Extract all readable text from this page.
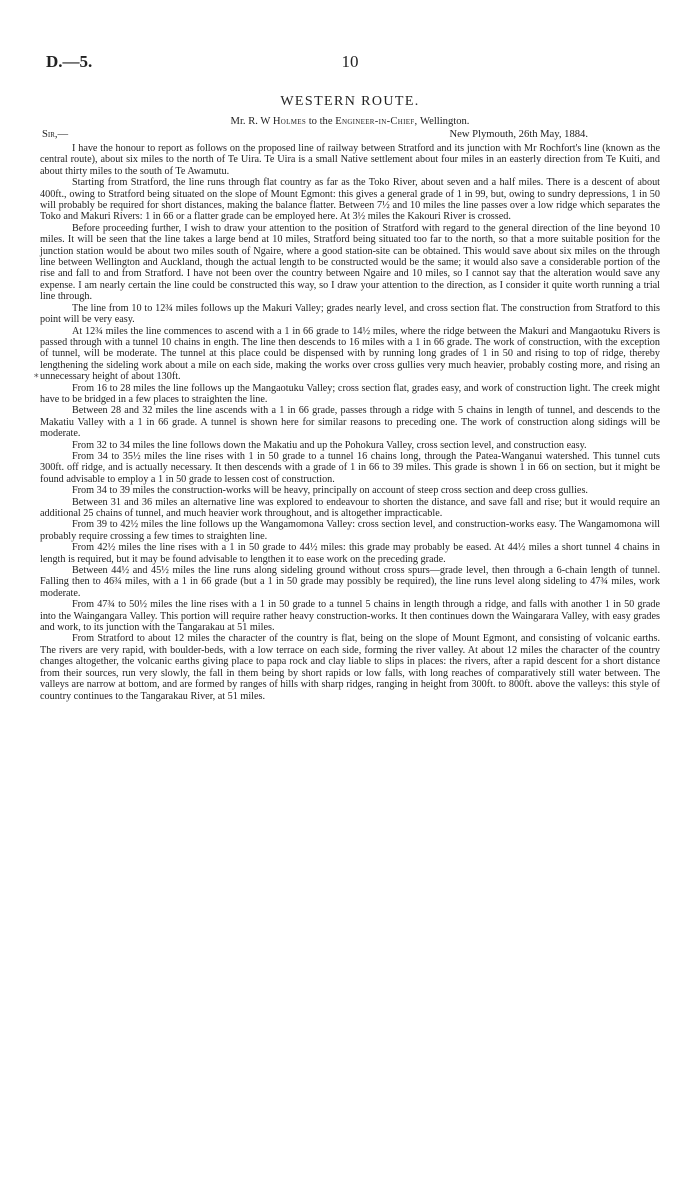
D.—5.	10
WESTERN ROUTE.

Mr. R. W Holmes to the Engineer-in-Chief, Wellington.

Sir,—	New Plymouth, 26th May, 1884.

I have the honour to report as follows on the proposed line of railway between Stratford and its junction with Mr Rochfort's line (known as the central route), about six miles to the north of Te Uira. Te Uira is a small Native settlement about four miles in an easterly direction from Te Kuiti, and about thirty miles to the south of Te Awamutu.

Starting from Stratford, the line runs through flat country as far as the Toko River, about seven and a half miles. There is a descent of about 400ft., owing to Stratford being situated on the slope of Mount Egmont: this gives a general grade of 1 in 99, but, owing to sundry depressions, 1 in 50 will probably be required for short distances, making the balance flatter. Between 7½ and 10 miles the line passes over a low ridge which separates the Toko and Makuri Rivers: 1 in 66 or a flatter grade can be employed here. At 3½ miles the Kakouri River is crossed.

Before proceeding further, I wish to draw your attention to the position of Stratford with regard to the general direction of the line beyond 10 miles. It will be seen that the line takes a large bend at 10 miles, Stratford being situated too far to the north, so that a more suitable position for the junction station would be about two miles south of Ngaire, where a good station-site can be obtained. This would save about six miles on the through line between Wellington and Auckland, though the actual length to be constructed would be the same; it would also save a considerable portion of the rise and fall to and from Stratford. I have not been over the country between Ngaire and 10 miles, so I cannot say that the alteration would save any expense. I am nearly certain the line could be constructed this way, so I draw your attention to the direction, as I consider it quite worth running a trial line through.

The line from 10 to 12¾ miles follows up the Makuri Valley; grades nearly level, and cross section flat. The construction from Stratford to this point will be very easy.

At 12¾ miles the line commences to ascend with a 1 in 66 grade to 14½ miles, where the ridge between the Makuri and Mangaotuku Rivers is passed through with a tunnel 10 chains in ength. The line then descends to 16 miles with a 1 in 66 grade. The work of construction, with the exception of tunnel, will be moderate. The tunnel at this place could be dispensed with by running long grades of 1 in 50 and rising to top of ridge, thereby lengthening the sideling work about a mile on each side, making the works over cross gullies very much heavier, probably costing more, and rising an unnecessary height of about 130ft.

From 16 to 28 miles the line follows up the Mangaotuku Valley; cross section flat, grades easy, and work of construction light. The creek might have to be bridged in a few places to straighten the line.

Between 28 and 32 miles the line ascends with a 1 in 66 grade, passes through a ridge with 5 chains in length of tunnel, and descends to the Makatiu Valley with a 1 in 66 grade. A tunnel is shown here for similar reasons to preceding one. The work of construction along sidings will be moderate.

From 32 to 34 miles the line follows down the Makatiu and up the Pohokura Valley, cross section level, and construction easy.

From 34 to 35½ miles the line rises with 1 in 50 grade to a tunnel 16 chains long, through the Patea-Wanganui watershed. This tunnel cuts 300ft. off ridge, and is actually necessary. It then descends with a grade of 1 in 66 to 39 miles. This grade is shown 1 in 66 on section, but it might be found advisable to employ a 1 in 50 grade to lessen cost of construction.

From 34 to 39 miles the construction-works will be heavy, principally on account of steep cross section and deep cross gullies.

Between 31 and 36 miles an alternative line was explored to endeavour to shorten the distance, and save fall and rise; but it would require an additional 25 chains of tunnel, and much heavier work throughout, and is altogether impracticable.

From 39 to 42½ miles the line follows up the Wangamomona Valley: cross section level, and construction-works easy. The Wangamomona will probably require crossing a few times to straighten line.

From 42½ miles the line rises with a 1 in 50 grade to 44½ miles: this grade may probably be eased. At 44½ miles a short tunnel 4 chains in length is required, but it may be found advisable to lengthen it to ease work on the preceding grade.

Between 44½ and 45½ miles the line runs along sideling ground without cross spurs—grade level, then through a 6-chain length of tunnel. Falling then to 46¾ miles, with a 1 in 66 grade (but a 1 in 50 grade may possibly be required), the line runs level along sideling to 47¾ miles, work moderate.

From 47¾ to 50½ miles the line rises with a 1 in 50 grade to a tunnel 5 chains in length through a ridge, and falls with another 1 in 50 grade into the Waingangara Valley. This portion will require rather heavy construction-works. It then continues down the Waingarara Valley, with easy grades and work, to its junction with the Tangarakau at 51 miles.

From Stratford to about 12 miles the character of the country is flat, being on the slope of Mount Egmont, and consisting of volcanic earths. The rivers are very rapid, with boulder-beds, with a low terrace on each side, forming the river valley. At about 12 miles the character of the country changes altogether, the volcanic earths giving place to papa rock and clay liable to slips in places: the rivers, after a rapid descent for a short distance from their sources, run very slowly, the fall in them being by short rapids or low falls, with long reaches of comparatively still water between. The valleys are narrow at bottom, and are formed by ranges of hills with sharp ridges, ranging in height from 300ft. to 800ft. above the valleys: this style of country continues to the Tangarakau River, at 51 miles.

⁎
